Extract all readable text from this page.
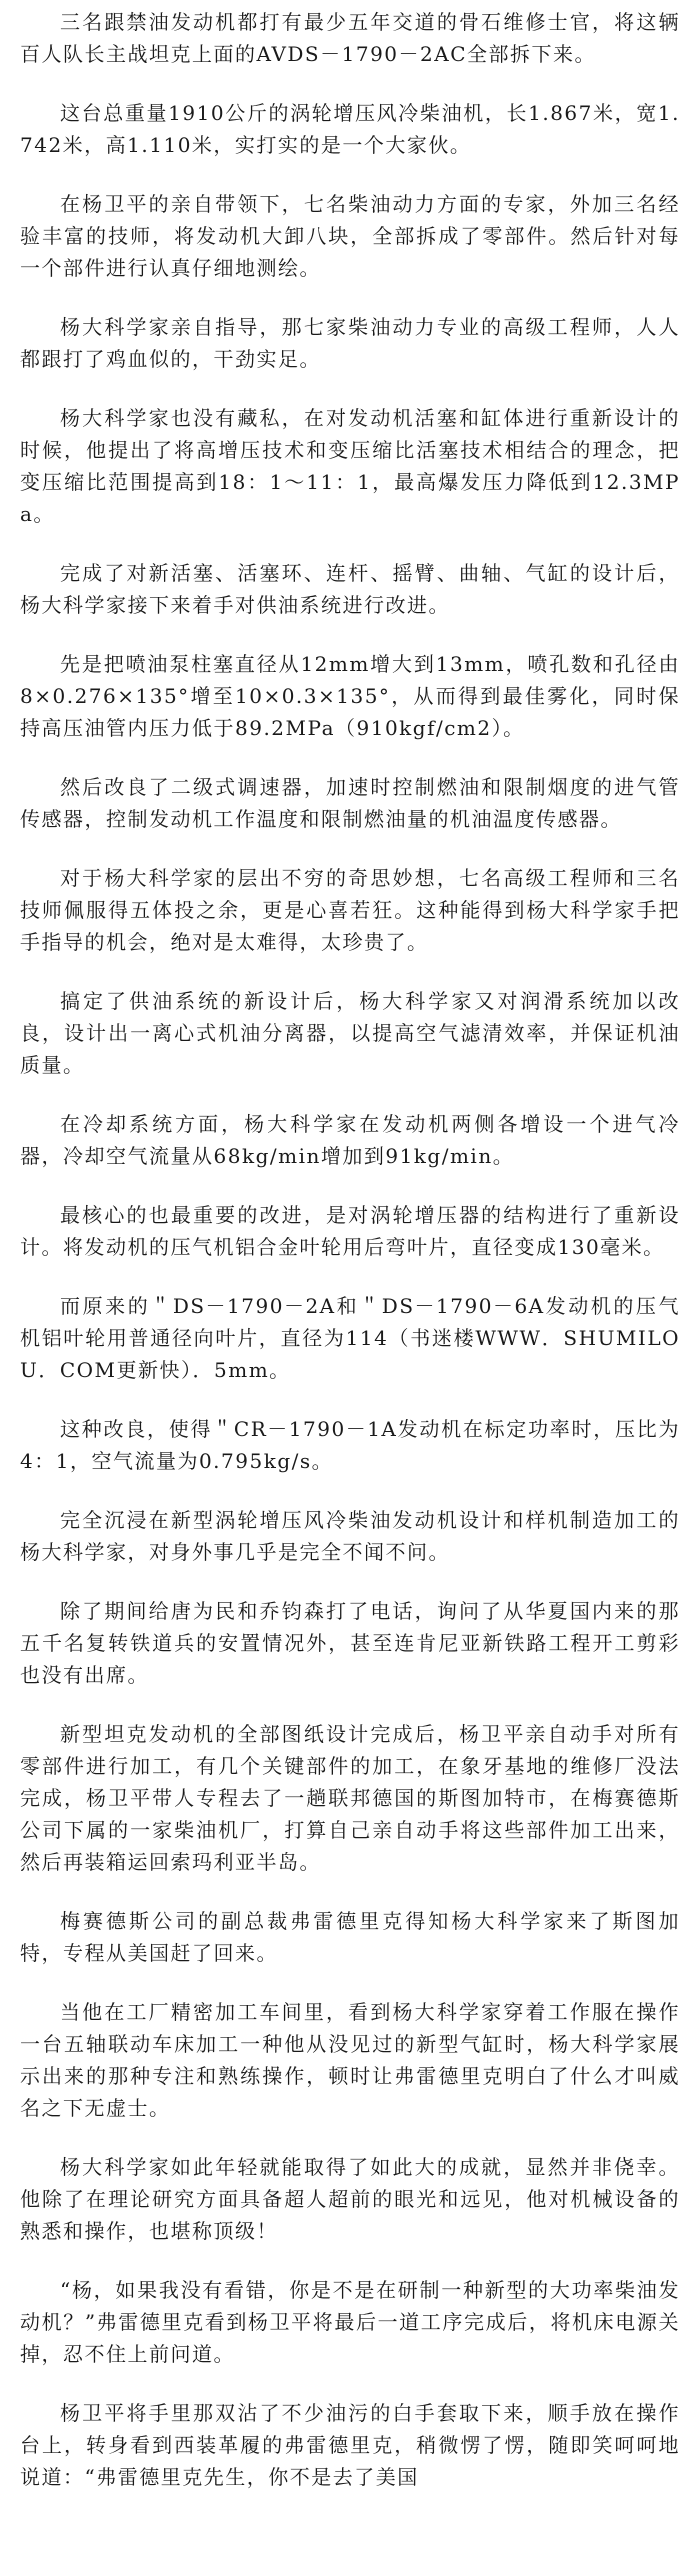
三名跟禁油发动机都打有最少五年交道的骨石维修士官，将这辆百人队长主战坦克上面的AVDS－1790－2AC全部拆下来。

这台总重量1910公斤的涡轮增压风冷柴油机，长1.867米，宽1.742米，高1.110米，实打实的是一个大家伙。

在杨卫平的亲自带领下，七名柴油动力方面的专家，外加三名经验丰富的技师，将发动机大卸八块，全部拆成了零部件。然后针对每一个部件进行认真仔细地测绘。

杨大科学家亲自指导，那七家柴油动力专业的高级工程师，人人都跟打了鸡血似的，干劲实足。

杨大科学家也没有藏私，在对发动机活塞和缸体进行重新设计的时候，他提出了将高增压技术和变压缩比活塞技术相结合的理念，把变压缩比范围提高到18：1～11：1，最高爆发压力降低到12.3MPa。

完成了对新活塞、活塞环、连杆、摇臂、曲轴、气缸的设计后，杨大科学家接下来着手对供油系统进行改进。

先是把喷油泵柱塞直径从12mm增大到13mm，喷孔数和孔径由8×0.276×135°增至10×0.3×135°，从而得到最佳雾化，同时保持高压油管内压力低于89.2MPa（910kgf/cm2）。

然后改良了二级式调速器，加速时控制燃油和限制烟度的进气管传感器，控制发动机工作温度和限制燃油量的机油温度传感器。

对于杨大科学家的层出不穷的奇思妙想，七名高级工程师和三名技师佩服得五体投之余，更是心喜若狂。这种能得到杨大科学家手把手指导的机会，绝对是太难得，太珍贵了。

搞定了供油系统的新设计后，杨大科学家又对润滑系统加以改良，设计出一离心式机油分离器，以提高空气滤清效率，并保证机油质量。

在冷却系统方面，杨大科学家在发动机两侧各增设一个进气冷器，冷却空气流量从68kg/min增加到91kg/min。

最核心的也最重要的改进，是对涡轮增压器的结构进行了重新设计。将发动机的压气机铝合金叶轮用后弯叶片，直径变成130毫米。

而原来的＂DS－1790－2A和＂DS－1790－6A发动机的压气机铝叶轮用普通径向叶片，直径为114（书迷楼WWW．SHUMILOU．COM更新快）．5mm。

这种改良，使得＂CR－1790－1A发动机在标定功率时，压比为4：1，空气流量为0.795kg/s。

完全沉浸在新型涡轮增压风冷柴油发动机设计和样机制造加工的杨大科学家，对身外事几乎是完全不闻不问。

除了期间给唐为民和乔钧森打了电话，询问了从华夏国内来的那五千名复转铁道兵的安置情况外，甚至连肯尼亚新铁路工程开工剪彩也没有出席。

新型坦克发动机的全部图纸设计完成后，杨卫平亲自动手对所有零部件进行加工，有几个关键部件的加工，在象牙基地的维修厂没法完成，杨卫平带人专程去了一趟联邦德国的斯图加特市，在梅赛德斯公司下属的一家柴油机厂，打算自己亲自动手将这些部件加工出来，然后再装箱运回索玛利亚半岛。

梅赛德斯公司的副总裁弗雷德里克得知杨大科学家来了斯图加特，专程从美国赶了回来。

当他在工厂精密加工车间里，看到杨大科学家穿着工作服在操作一台五轴联动车床加工一种他从没见过的新型气缸时，杨大科学家展示出来的那种专注和熟练操作，顿时让弗雷德里克明白了什么才叫威名之下无虚士。

杨大科学家如此年轻就能取得了如此大的成就，显然并非侥幸。他除了在理论研究方面具备超人超前的眼光和远见，他对机械设备的熟悉和操作，也堪称顶级！

“杨，如果我没有看错，你是不是在研制一种新型的大功率柴油发动机？”弗雷德里克看到杨卫平将最后一道工序完成后，将机床电源关掉，忍不住上前问道。

杨卫平将手里那双沾了不少油污的白手套取下来，顺手放在操作台上，转身看到西装革履的弗雷德里克，稍微愣了愣，随即笑呵呵地说道：“弗雷德里克先生，你不是去了美国
